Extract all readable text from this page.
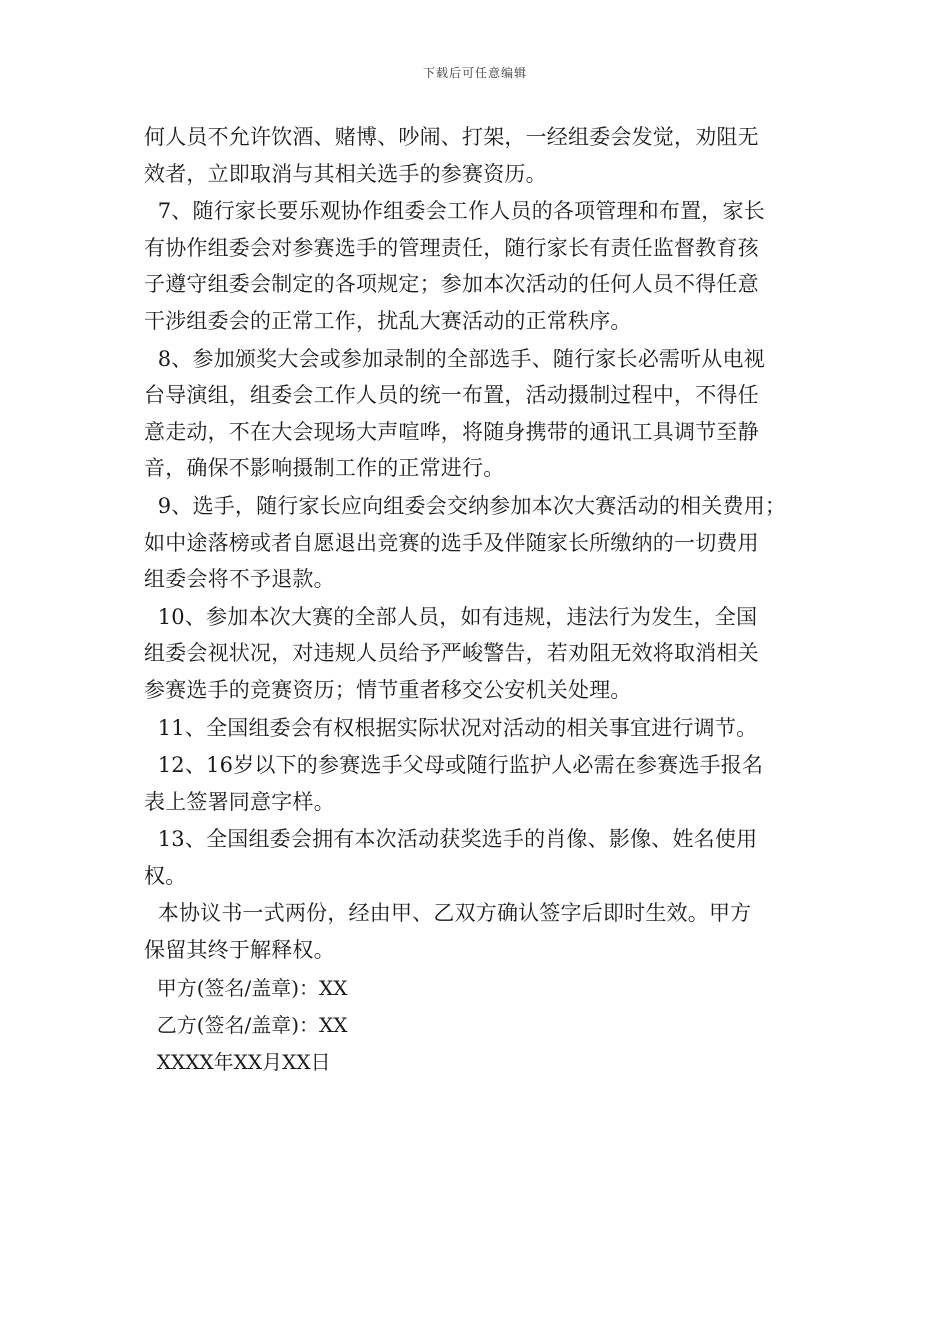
下载后可任意编辑
何人员不允许饮酒、赌博、吵闹、打架，一经组委会发觉，劝阻无
效者，立即取消与其相关选手的参赛资历。
7、随行家长要乐观协作组委会工作人员的各项管理和布置，家长
有协作组委会对参赛选手的管理责任，随行家长有责任监督教育孩
子遵守组委会制定的各项规定；参加本次活动的任何人员不得任意
干涉组委会的正常工作，扰乱大赛活动的正常秩序。
8、参加颁奖大会或参加录制的全部选手、随行家长必需听从电视
台导演组，组委会工作人员的统一布置，活动摄制过程中，不得任
意走动，不在大会现场大声喧哗，将随身携带的通讯工具调节至静
音，确保不影响摄制工作的正常进行。
9、选手，随行家长应向组委会交纳参加本次大赛活动的相关费用；
如中途落榜或者自愿退出竞赛的选手及伴随家长所缴纳的一切费用
组委会将不予退款。
10、参加本次大赛的全部人员，如有违规，违法行为发生，全国
组委会视状况，对违规人员给予严峻警告，若劝阻无效将取消相关
参赛选手的竞赛资历；情节重者移交公安机关处理。
11、全国组委会有权根据实际状况对活动的相关事宜进行调节。
12、16岁以下的参赛选手父母或随行监护人必需在参赛选手报名
表上签署同意字样。
13、全国组委会拥有本次活动获奖选手的肖像、影像、姓名使用
权。
本协议书一式两份，经由甲、乙双方确认签字后即时生效。甲方
保留其终于解释权。
甲方(签名/盖章)：XX
乙方(签名/盖章)：XX
XXXX年XX月XX日
